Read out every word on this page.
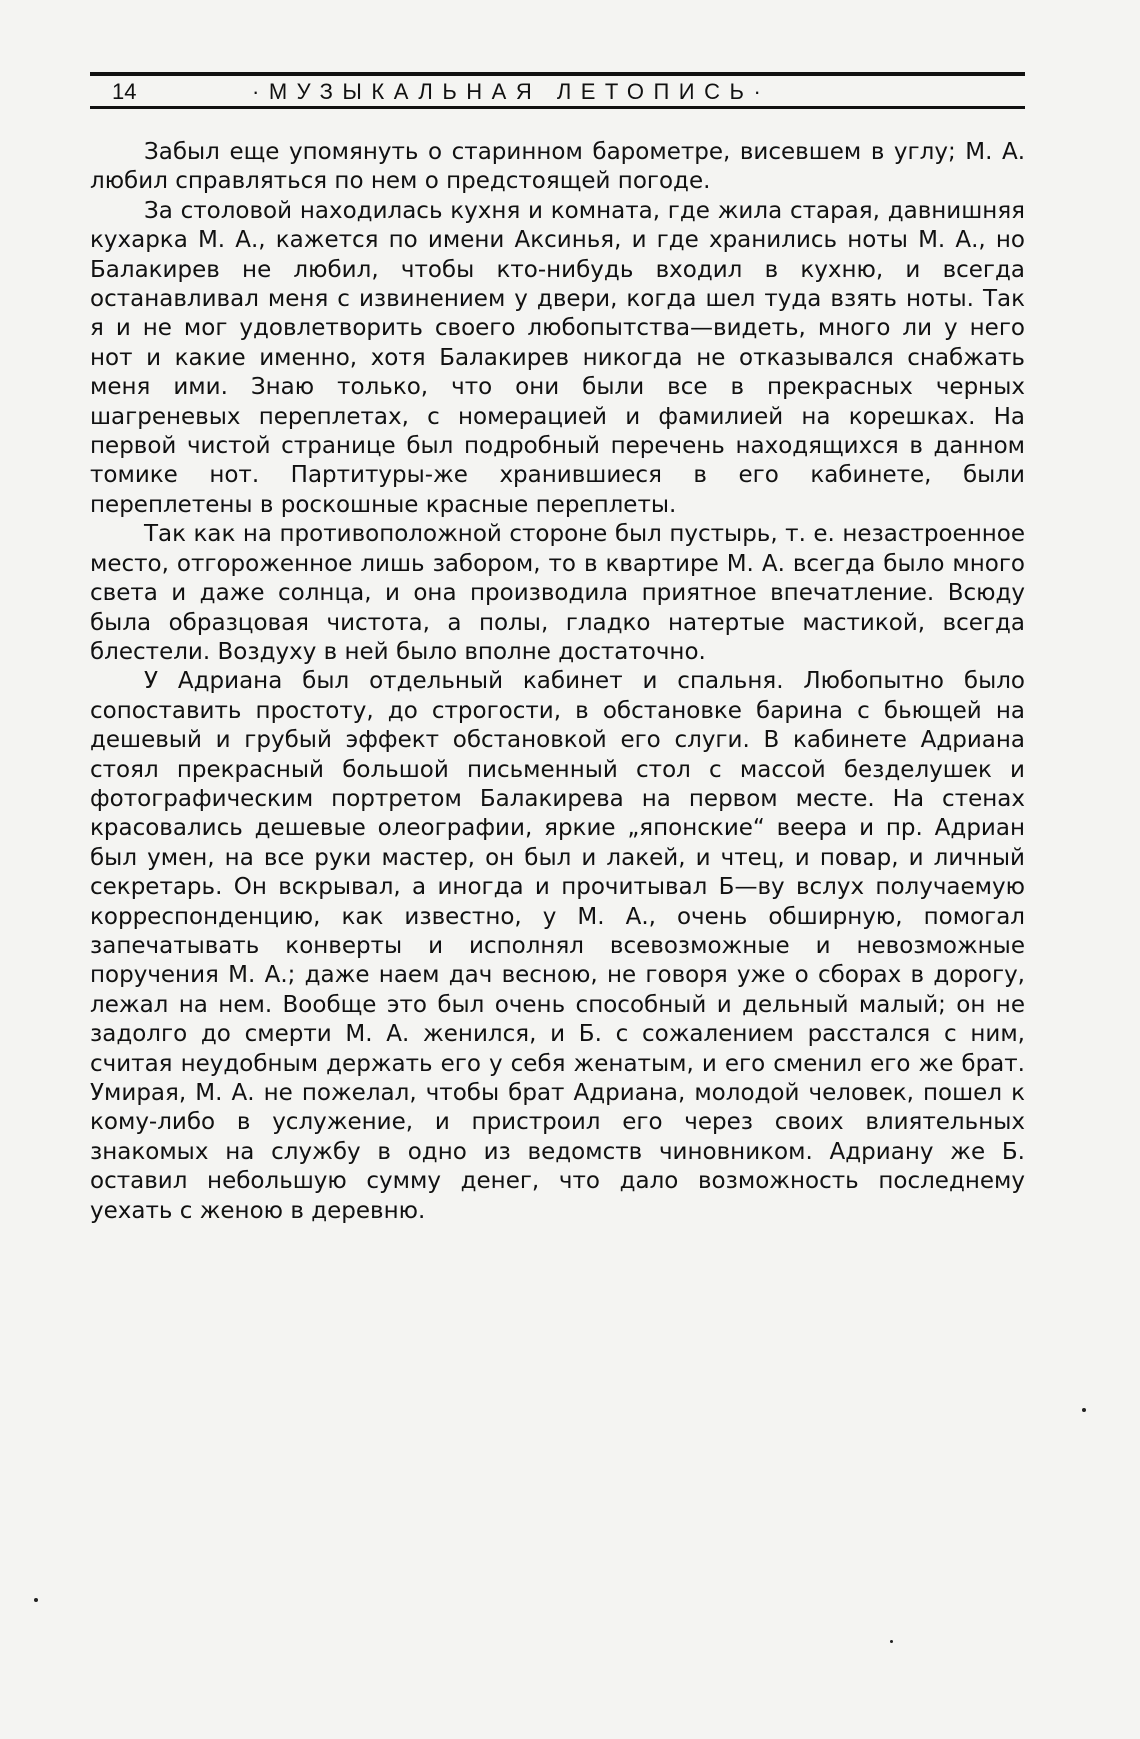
14	·МУЗЫКАЛЬНАЯ ЛЕТОПИСЬ·

Забыл еще упомянуть о старинном барометре, висевшем в углу; М. А. любил справляться по нем о предстоящей погоде.

За столовой находилась кухня и комната, где жила старая, давнишняя кухарка М. А., кажется по имени Аксинья, и где хранились ноты М. А., но Балакирев не любил, чтобы кто-нибудь входил в кухню, и всегда останавливал меня с извинением у двери, когда шел туда взять ноты. Так я и не мог удовлетворить своего любопытства—видеть, много ли у него нот и какие именно, хотя Балакирев никогда не отказывался снабжать меня ими. Знаю только, что они были все в прекрасных черных шагреневых переплетах, с номерацией и фамилией на корешках. На первой чистой странице был подробный перечень находящихся в данном томике нот. Партитуры-же хранившиеся в его кабинете, были переплетены в роскошные красные переплеты.

Так как на противоположной стороне был пустырь, т. е. незастроенное место, отгороженное лишь забором, то в квартире М. А. всегда было много света и даже солнца, и она производила приятное впечатление. Всюду была образцовая чистота, а полы, гладко натертые мастикой, всегда блестели. Воздуху в ней было вполне достаточно.

У Адриана был отдельный кабинет и спальня. Любопытно было сопоставить простоту, до строгости, в обстановке барина с бьющей на дешевый и грубый эффект обстановкой его слуги. В кабинете Адриана стоял прекрасный большой письменный стол с массой безделушек и фотографическим портретом Балакирева на первом месте. На стенах красовались дешевые олеографии, яркие „японские“ веера и пр. Адриан был умен, на все руки мастер, он был и лакей, и чтец, и повар, и личный секретарь. Он вскрывал, а иногда и прочитывал Б—ву вслух получаемую корреспонденцию, как известно, у М. А., очень обширную, помогал запечатывать конверты и исполнял всевозможные и невозможные поручения М. А.; даже наем дач весною, не говоря уже о сборах в дорогу, лежал на нем. Вообще это был очень способный и дельный малый; он не задолго до смерти М. А. женился, и Б. с сожалением расстался с ним, считая неудобным держать его у себя женатым, и его сменил его же брат. Умирая, М. А. не пожелал, чтобы брат Адриана, молодой человек, пошел к кому-либо в услужение, и пристроил его через своих влиятельных знакомых на службу в одно из ведомств чиновником. Адриану же Б. оставил небольшую сумму денег, что дало возможность последнему уехать с женою в деревню.
